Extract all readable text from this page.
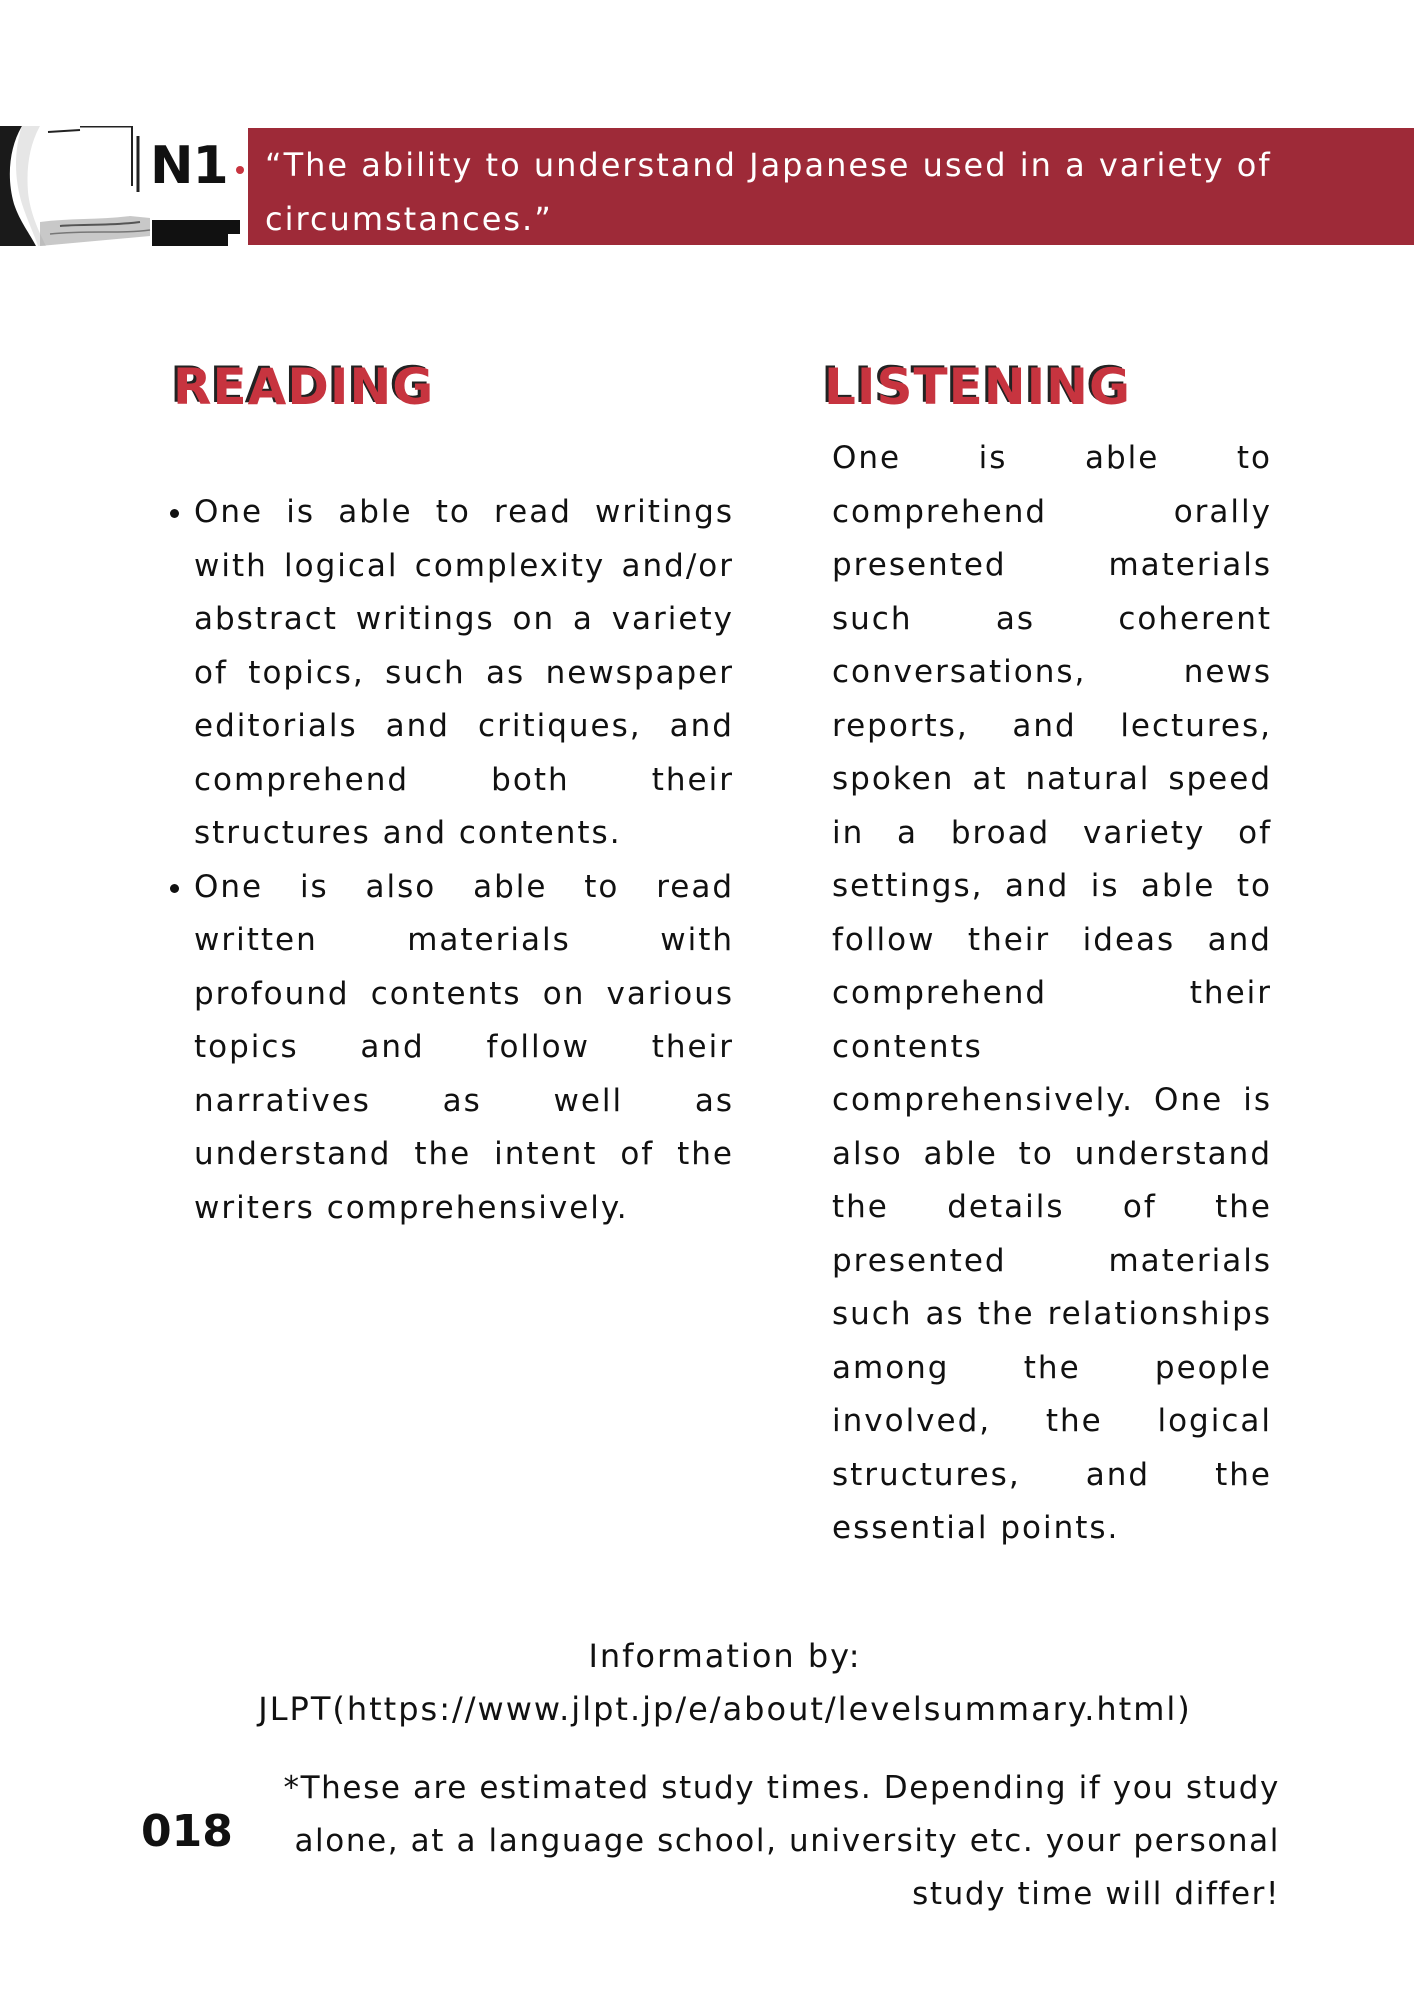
N1 “The ability to understand Japanese used in a variety of circumstances.”
READING
• One is able to read writings with logical complexity and/or abstract writings on a variety of topics, such as newspaper editorials and critiques, and comprehend both their structures and contents.
• One is also able to read written materials with profound contents on various topics and follow their narratives as well as understand the intent of the writers comprehensively.
LISTENING

One is able to comprehend orally presented materials such as coherent conversations, news reports, and lectures, spoken at natural speed in a broad variety of settings, and is able to follow their ideas and comprehend their contents comprehensively. One is also able to understand the details of the presented materials such as the relationships among the people involved, the logical structures, and the essential points.

Information by: JLPT(https://www.jlpt.jp/e/about/levelsummary.html)

018

*These are estimated study times. Depending if you study alone, at a language school, university etc. your personal study time will differ!
